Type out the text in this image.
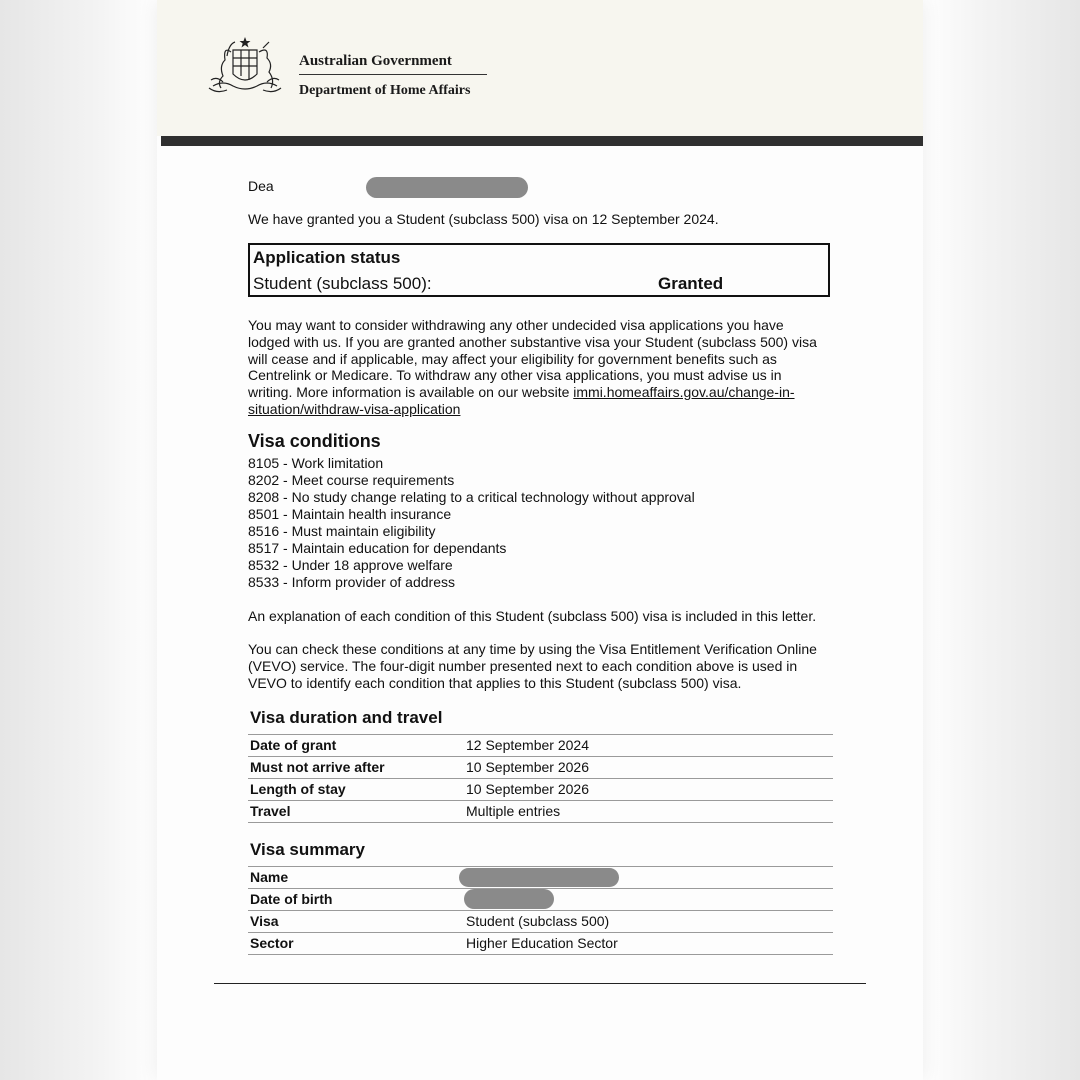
Australian Government
Department of Home Affairs
Dea
We have granted you a Student (subclass 500) visa on 12 September 2024.
Application status
Student (subclass 500):	Granted
You may want to consider withdrawing any other undecided visa applications you have lodged with us. If you are granted another substantive visa your Student (subclass 500) visa will cease and if applicable, may affect your eligibility for government benefits such as Centrelink or Medicare. To withdraw any other visa applications, you must advise us in writing. More information is available on our website immi.homeaffairs.gov.au/change-in-situation/withdraw-visa-application
Visa conditions
8105 - Work limitation
8202 - Meet course requirements
8208 - No study change relating to a critical technology without approval
8501 - Maintain health insurance
8516 - Must maintain eligibility
8517 - Maintain education for dependants
8532 - Under 18 approve welfare
8533 - Inform provider of address
An explanation of each condition of this Student (subclass 500) visa is included in this letter.
You can check these conditions at any time by using the Visa Entitlement Verification Online (VEVO) service. The four-digit number presented next to each condition above is used in VEVO to identify each condition that applies to this Student (subclass 500) visa.
Visa duration and travel
Date of grant	12 September 2024
Must not arrive after	10 September 2026
Length of stay	10 September 2026
Travel	Multiple entries
Visa summary
Name
Date of birth
Visa	Student (subclass 500)
Sector	Higher Education Sector
